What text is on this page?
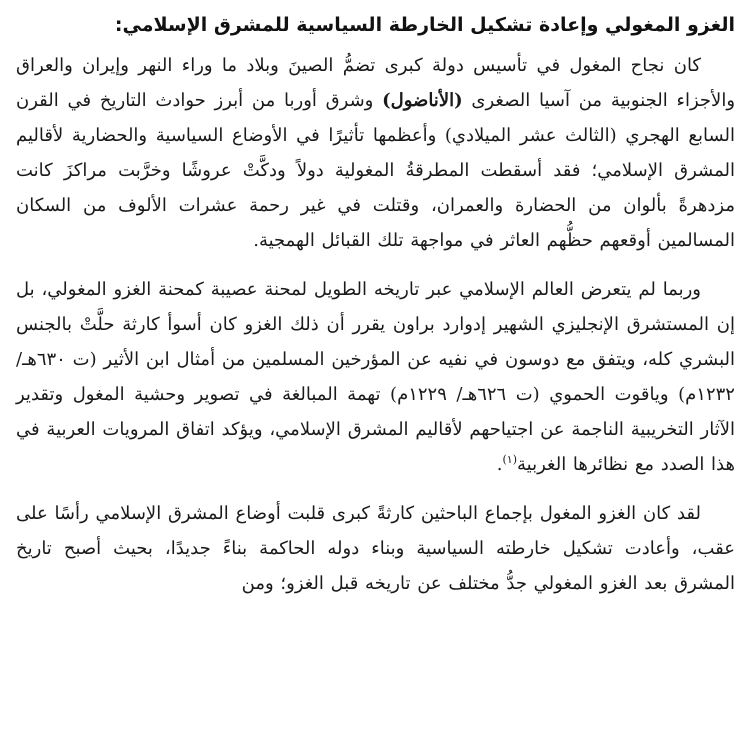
الغزو المغولي وإعادة تشكيل الخارطة السياسية للمشرق الإسلامي:

كان نجاح المغول في تأسيس دولة كبرى تضمُّ الصينَ وبلاد ما وراء النهر وإيران والعراق والأجزاء الجنوبية من آسيا الصغرى (الأناضول) وشرق أوربا من أبرز حوادث التاريخ في القرن السابع الهجري (الثالث عشر الميلادي) وأعظمها تأثيرًا في الأوضاع السياسية والحضارية لأقاليم المشرق الإسلامي؛ فقد أسقطت المطرقةُ المغولية دولاً ودكَّتْ عروشًا وخرَّبت مراكزَ كانت مزدهرةً بألوان من الحضارة والعمران، وقتلت في غير رحمة عشرات الألوف من السكان المسالمين أوقعهم حظُّهم العاثر في مواجهة تلك القبائل الهمجية.

وربما لم يتعرض العالم الإسلامي عبر تاريخه الطويل لمحنة عصيبة كمحنة الغزو المغولي، بل إن المستشرق الإنجليزي الشهير إدوارد براون يقرر أن ذلك الغزو كان أسوأ كارثة حلَّتْ بالجنس البشري كله، ويتفق مع دوسون في نفيه عن المؤرخين المسلمين من أمثال ابن الأثير (ت ٦٣٠هـ/ ١٢٣٢م) وياقوت الحموي (ت ٦٢٦هـ/ ١٢٢٩م) تهمة المبالغة في تصوير وحشية المغول وتقدير الآثار التخريبية الناجمة عن اجتياحهم لأقاليم المشرق الإسلامي، ويؤكد اتفاق المرويات العربية في هذا الصدد مع نظائرها الغربية$^{(١)}$.

لقد كان الغزو المغول بإجماع الباحثين كارثةً كبرى قلبت أوضاع المشرق الإسلامي رأسًا على عقب، وأعادت تشكيل خارطته السياسية وبناء دوله الحاكمة بناءً جديدًا، بحيث أصبح تاريخ المشرق بعد الغزو المغولي جدُّ مختلف عن تاريخه قبل الغزو؛ ومن
